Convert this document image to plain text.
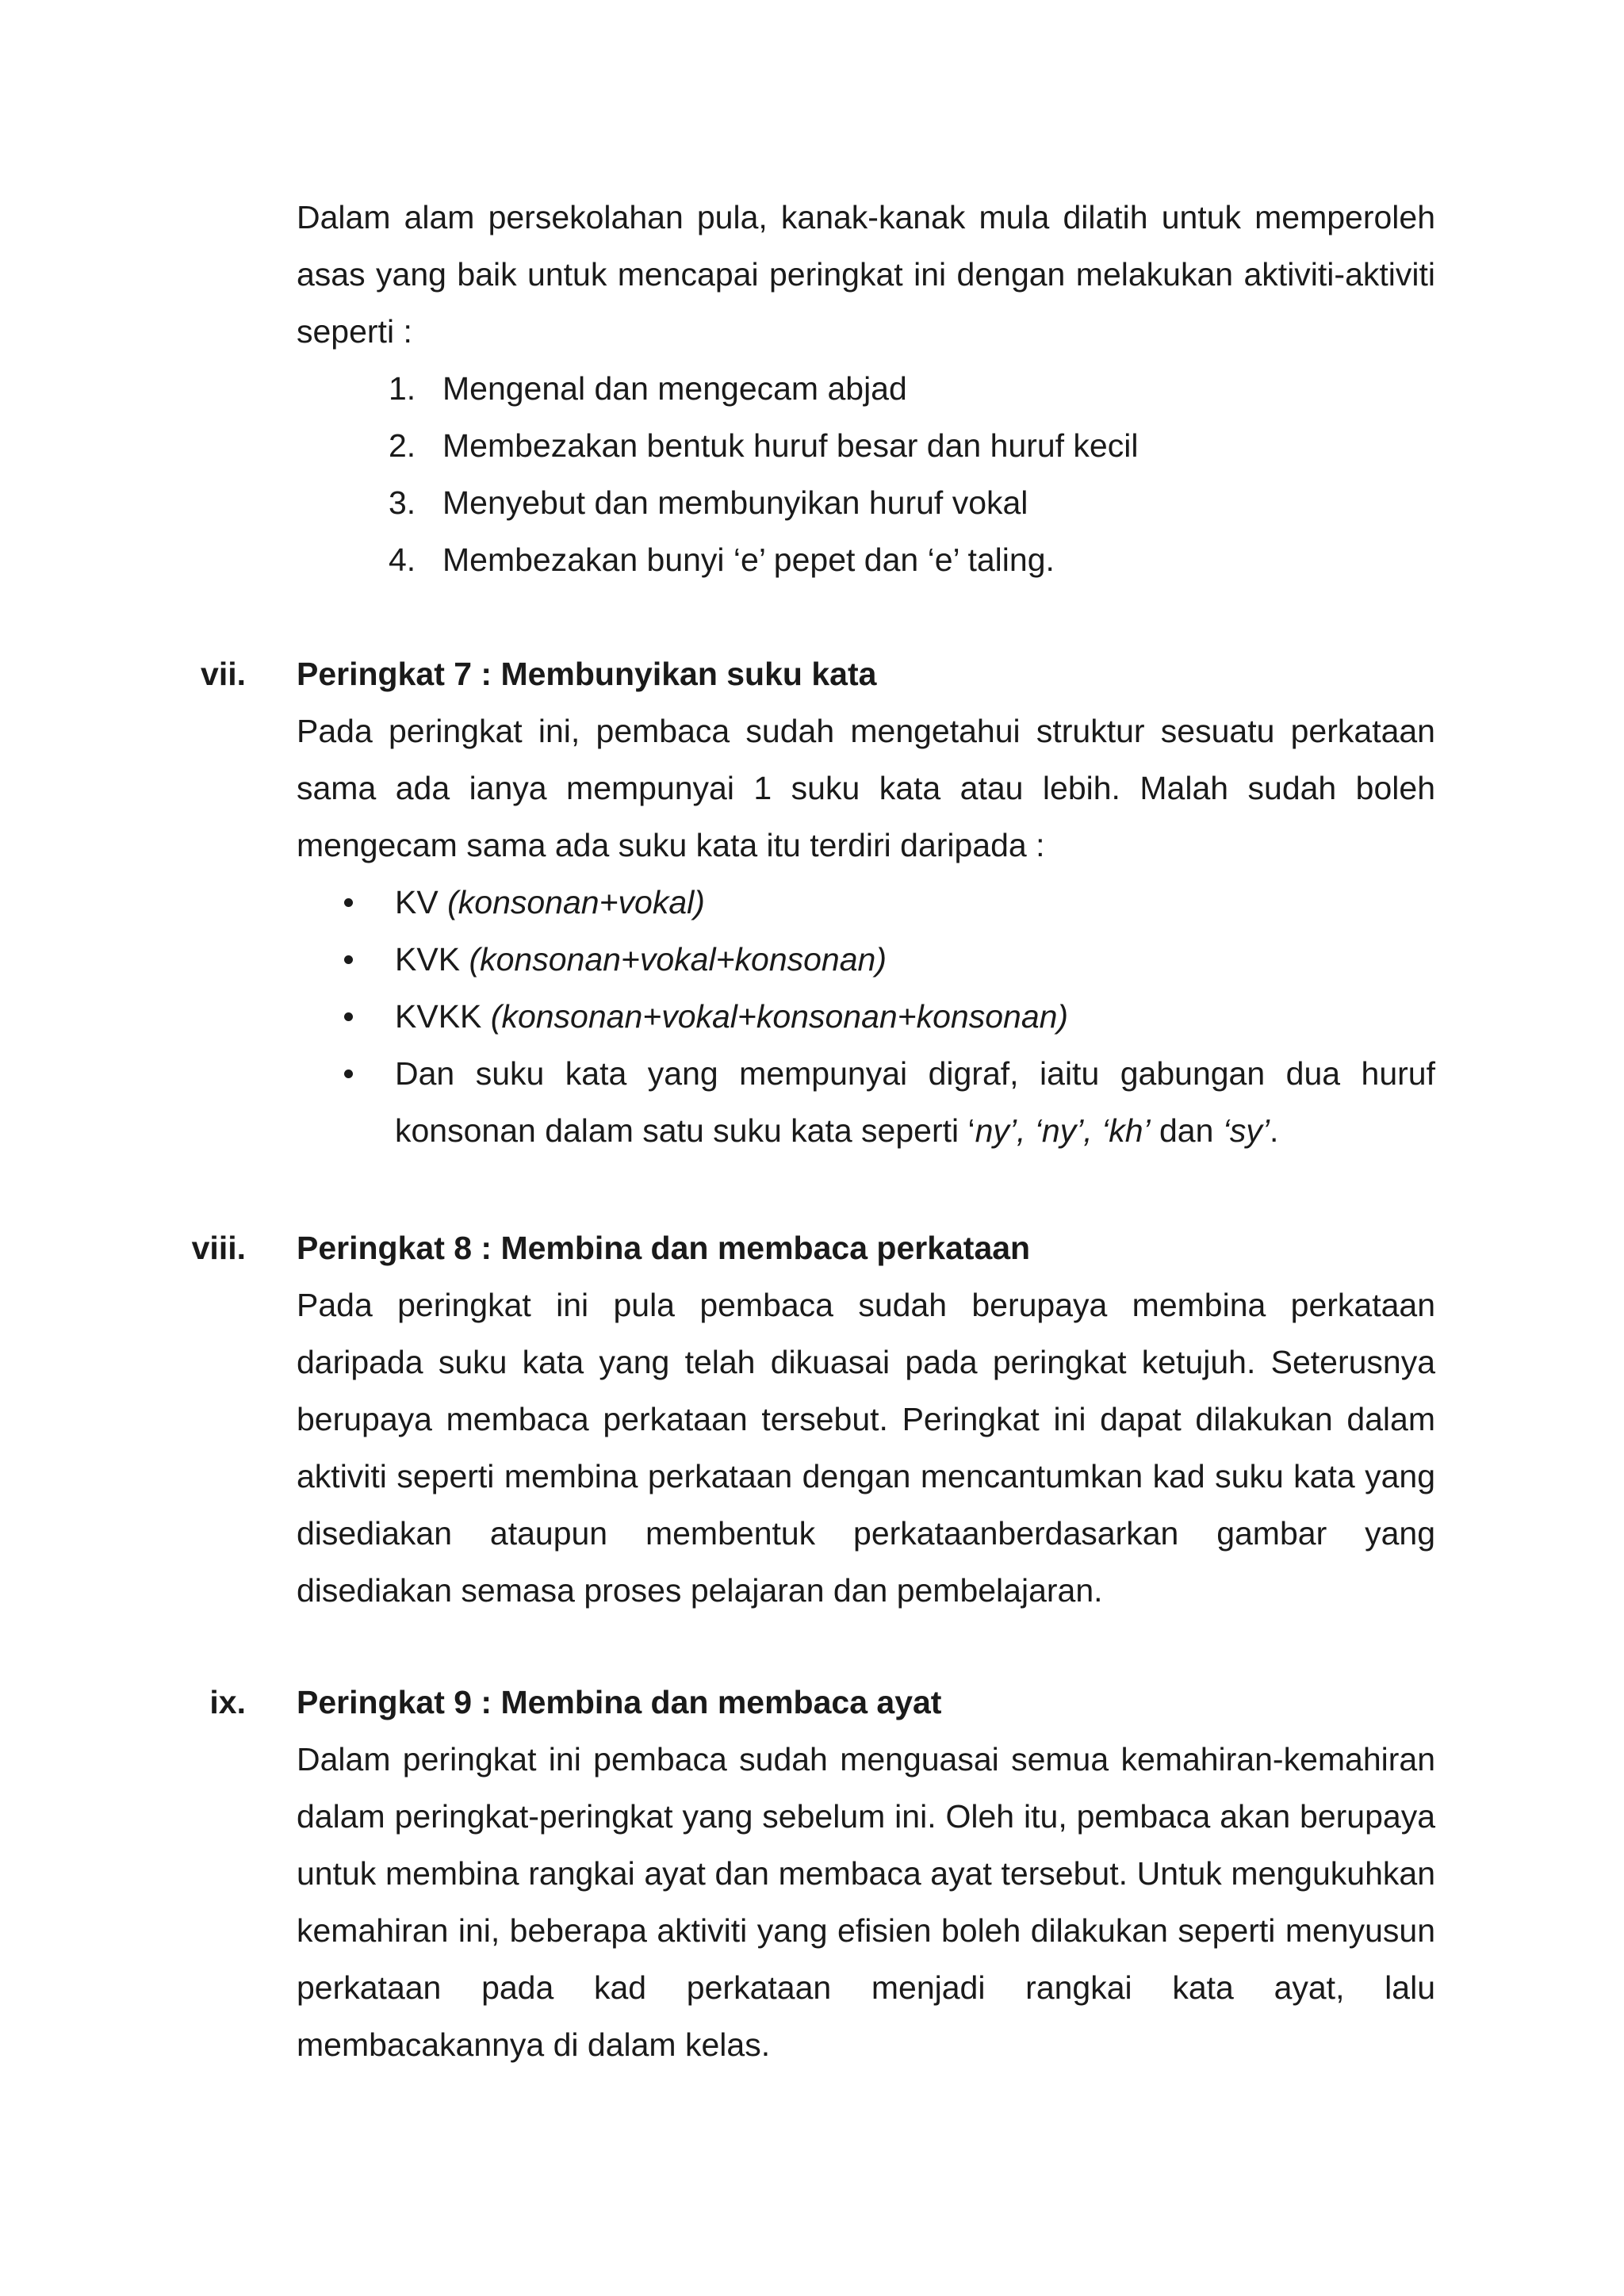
Dalam alam persekolahan pula, kanak-kanak mula dilatih untuk memperoleh asas yang baik untuk mencapai peringkat ini dengan melakukan aktiviti-aktiviti seperti :

1. Mengenal dan mengecam abjad
2. Membezakan bentuk huruf besar dan huruf kecil
3. Menyebut dan membunyikan huruf vokal
4. Membezakan bunyi ‘e’ pepet dan ‘e’ taling.
vii. Peringkat 7 : Membunyikan suku kata

Pada peringkat ini, pembaca sudah mengetahui struktur sesuatu perkataan sama ada ianya mempunyai 1 suku kata atau lebih. Malah sudah boleh mengecam sama ada suku kata itu terdiri daripada :

KV (konsonan+vokal)
KVK (konsonan+vokal+konsonan)
KVKK (konsonan+vokal+konsonan+konsonan)
Dan suku kata yang mempunyai digraf, iaitu gabungan dua huruf konsonan dalam satu suku kata seperti ‘ny’, ‘ny’, ‘kh’ dan ‘sy’.
viii. Peringkat 8 : Membina dan membaca perkataan

Pada peringkat ini pula pembaca sudah berupaya membina perkataan daripada suku kata yang telah dikuasai pada peringkat ketujuh. Seterusnya berupaya membaca perkataan tersebut. Peringkat ini dapat dilakukan dalam aktiviti seperti membina perkataan dengan mencantumkan kad suku kata yang disediakan ataupun membentuk perkataanberdasarkan gambar yang disediakan semasa proses pelajaran dan pembelajaran.

ix. Peringkat 9 : Membina dan membaca ayat

Dalam peringkat ini pembaca sudah menguasai semua kemahiran-kemahiran dalam peringkat-peringkat yang sebelum ini. Oleh itu, pembaca akan berupaya untuk membina rangkai ayat dan membaca ayat tersebut. Untuk mengukuhkan kemahiran ini, beberapa aktiviti yang efisien boleh dilakukan seperti menyusun perkataan pada kad perkataan menjadi rangkai kata ayat, lalu membacakannya di dalam kelas.
